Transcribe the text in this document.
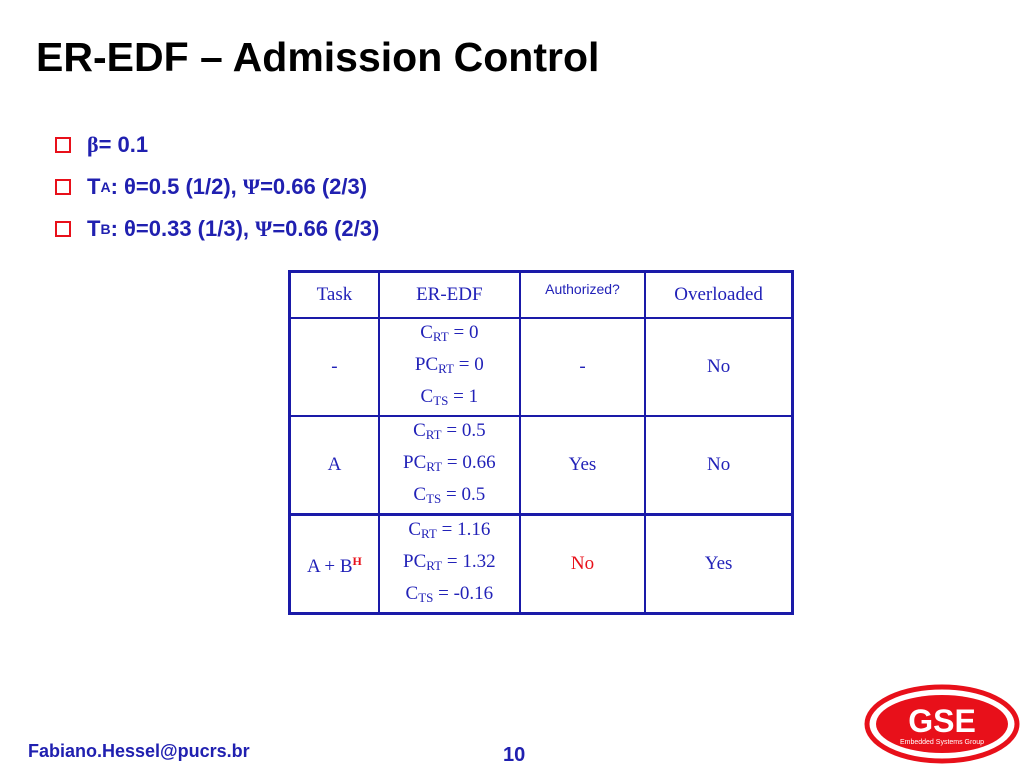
ER-EDF – Admission Control
β = 0.1
T A : θ=0.5 (1/2), Ψ =0.66 (2/3)
T B : θ=0.33 (1/3), Ψ =0.66 (2/3)
Task	ER-EDF	Authorized?	Overloaded
-	CRT = 0
PCRT = 0
CTS = 1	-	No
A	CRT = 0.5
PCRT = 0.66
CTS = 0.5	Yes	No
$A + B^H$	CRT = 1.16
PCRT = 1.32
CTS = -0.16	No	Yes
Fabiano.Hessel@pucrs.br	10
GSE
Embedded Systems Group
